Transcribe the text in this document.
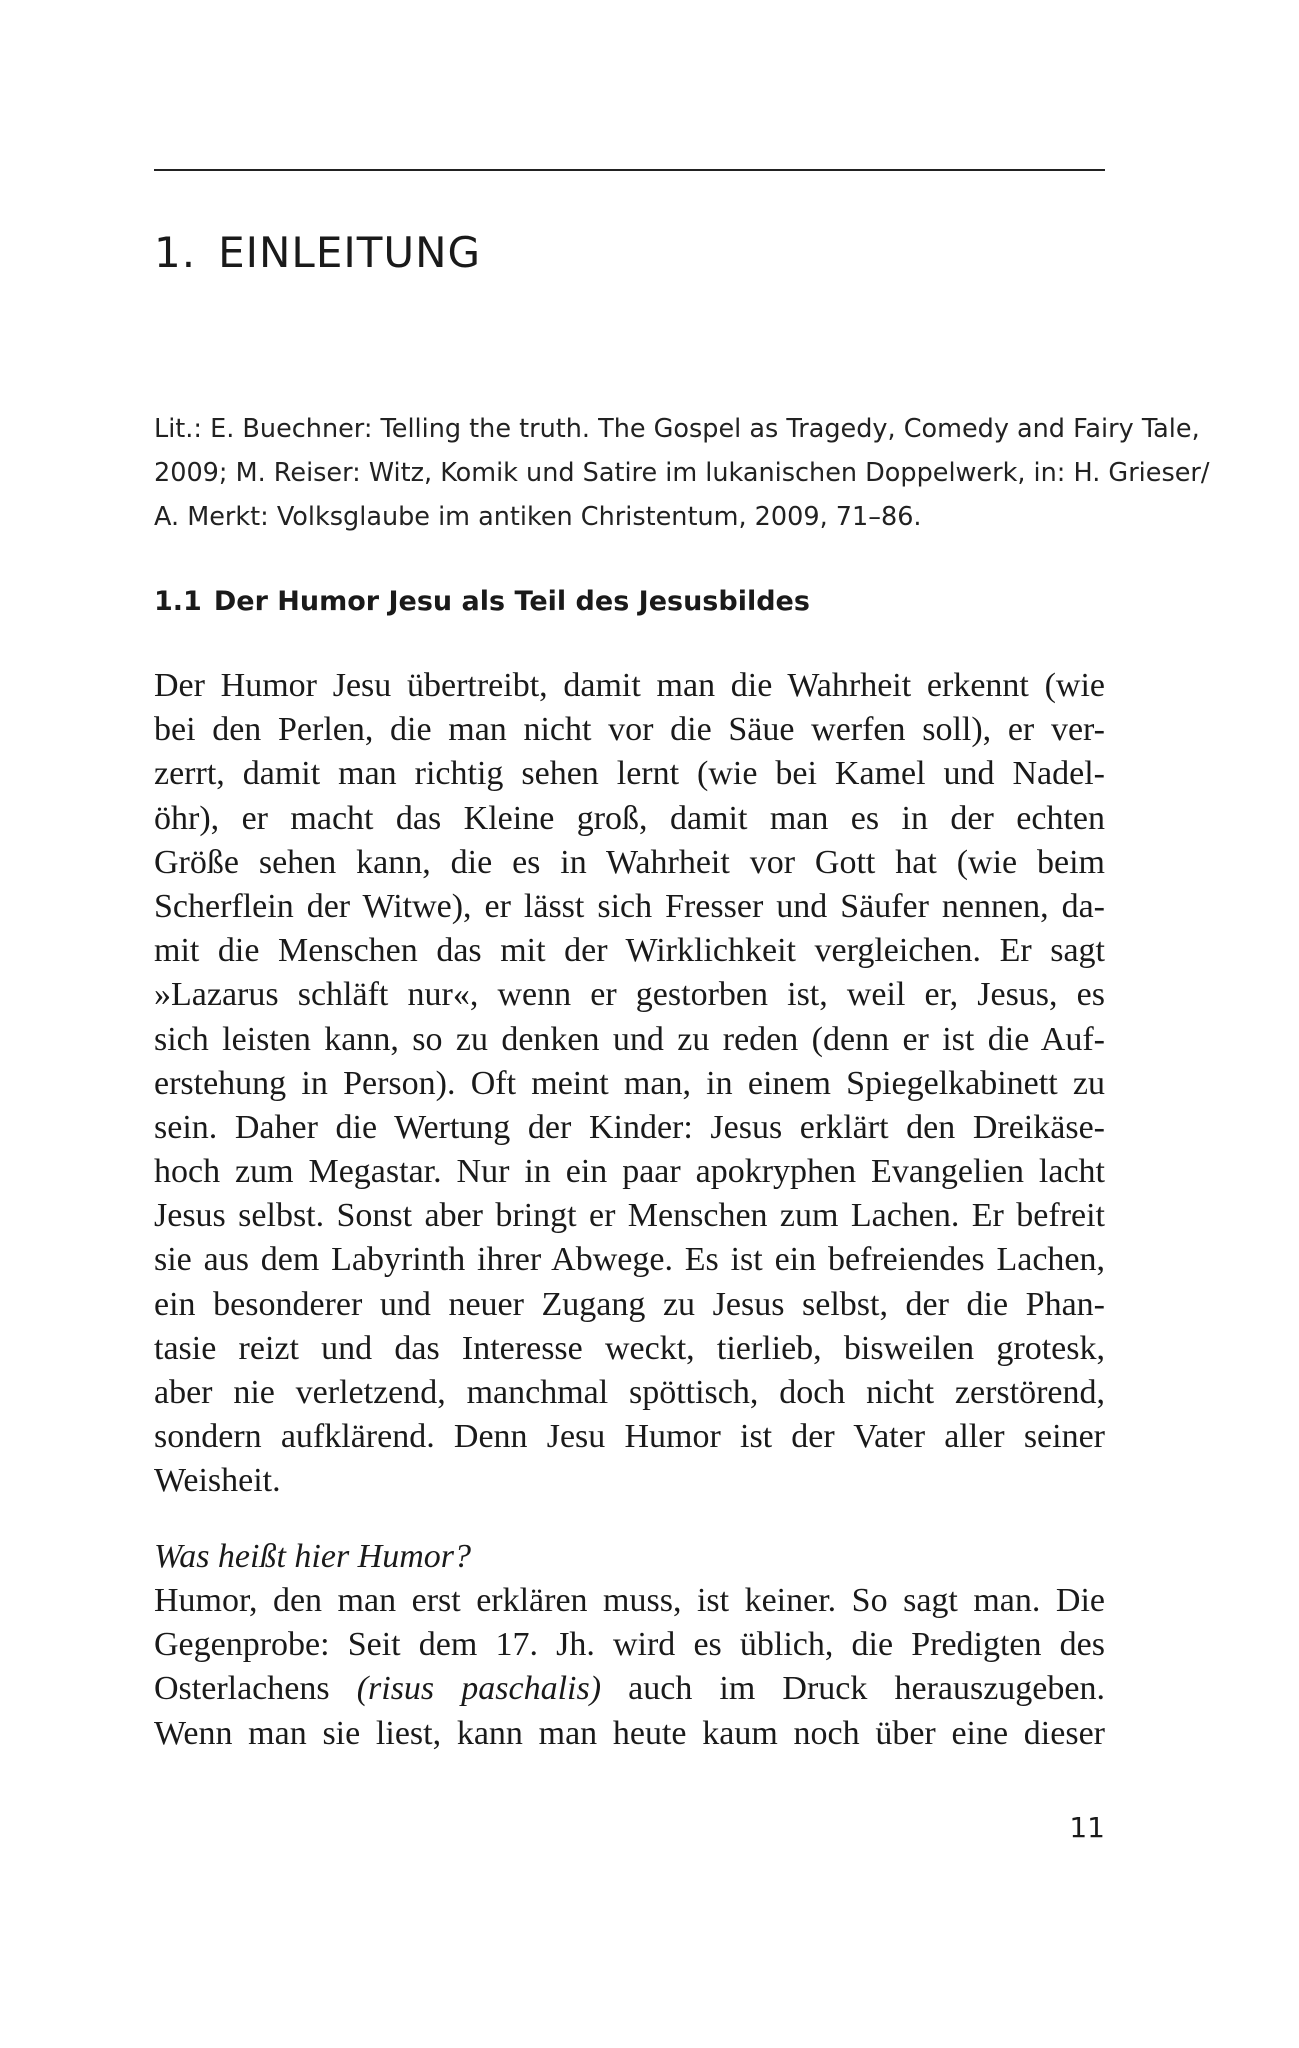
1. EINLEITUNG

Lit.: E. Buechner: Telling the truth. The Gospel as Tragedy, Comedy and Fairy Tale,
2009; M. Reiser: Witz, Komik und Satire im lukanischen Doppelwerk, in: H. Grieser/
A. Merkt: Volksglaube im antiken Christentum, 2009, 71–86.

1.1 Der Humor Jesu als Teil des Jesusbildes
Der Humor Jesu übertreibt, damit man die Wahrheit erkennt (wie
bei den Perlen, die man nicht vor die Säue werfen soll), er ver-
zerrt, damit man richtig sehen lernt (wie bei Kamel und Nadel-
öhr), er macht das Kleine groß, damit man es in der echten
Größe sehen kann, die es in Wahrheit vor Gott hat (wie beim
Scherflein der Witwe), er lässt sich Fresser und Säufer nennen, da-
mit die Menschen das mit der Wirklichkeit vergleichen. Er sagt
»Lazarus schläft nur«, wenn er gestorben ist, weil er, Jesus, es
sich leisten kann, so zu denken und zu reden (denn er ist die Auf-
erstehung in Person). Oft meint man, in einem Spiegelkabinett zu
sein. Daher die Wertung der Kinder: Jesus erklärt den Dreikäse-
hoch zum Megastar. Nur in ein paar apokryphen Evangelien lacht
Jesus selbst. Sonst aber bringt er Menschen zum Lachen. Er befreit
sie aus dem Labyrinth ihrer Abwege. Es ist ein befreiendes Lachen,
ein besonderer und neuer Zugang zu Jesus selbst, der die Phan-
tasie reizt und das Interesse weckt, tierlieb, bisweilen grotesk,
aber nie verletzend, manchmal spöttisch, doch nicht zerstörend,
sondern aufklärend. Denn Jesu Humor ist der Vater aller seiner
Weisheit.
Was heißt hier Humor?
Humor, den man erst erklären muss, ist keiner. So sagt man. Die
Gegenprobe: Seit dem 17. Jh. wird es üblich, die Predigten des
Osterlachens (risus paschalis) auch im Druck herauszugeben.
Wenn man sie liest, kann man heute kaum noch über eine dieser
11
